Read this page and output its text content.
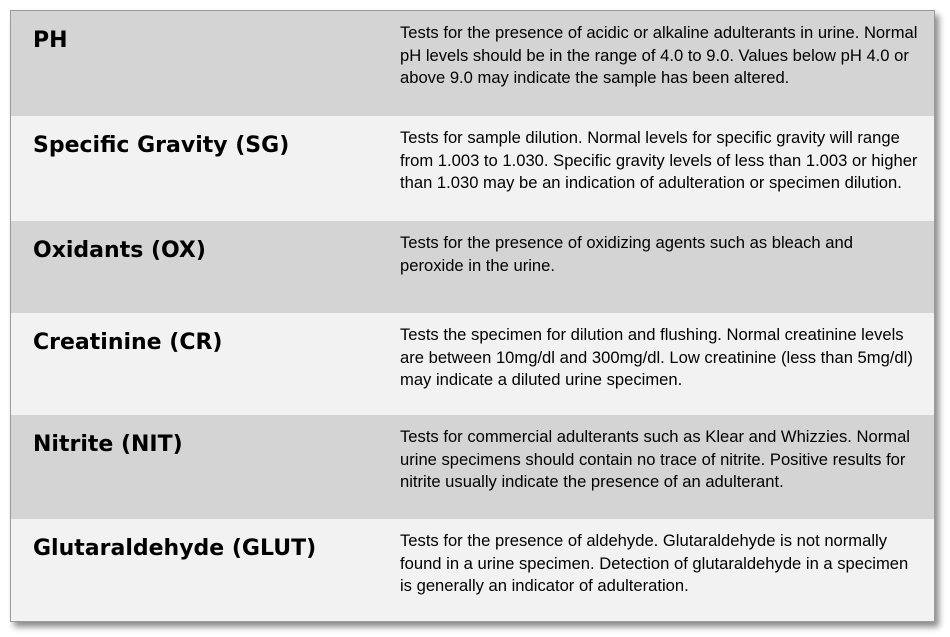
PH	Tests for the presence of acidic or alkaline adulterants in urine. Normal pH levels should be in the range of 4.0 to 9.0. Values below pH 4.0 or above 9.0 may indicate the sample has been altered.
Specific Gravity (SG)	Tests for sample dilution. Normal levels for specific gravity will range from 1.003 to 1.030. Specific gravity levels of less than 1.003 or higher than 1.030 may be an indication of adulteration or specimen dilution.
Oxidants (OX)	Tests for the presence of oxidizing agents such as bleach and peroxide in the urine.
Creatinine (CR)	Tests the specimen for dilution and flushing. Normal creatinine levels are between 10mg/dl and 300mg/dl. Low creatinine (less than 5mg/dl) may indicate a diluted urine specimen.
Nitrite (NIT)	Tests for commercial adulterants such as Klear and Whizzies. Normal urine specimens should contain no trace of nitrite. Positive results for nitrite usually indicate the presence of an adulterant.
Glutaraldehyde (GLUT)	Tests for the presence of aldehyde. Glutaraldehyde is not normally found in a urine specimen. Detection of glutaraldehyde in a specimen is generally an indicator of adulteration.
